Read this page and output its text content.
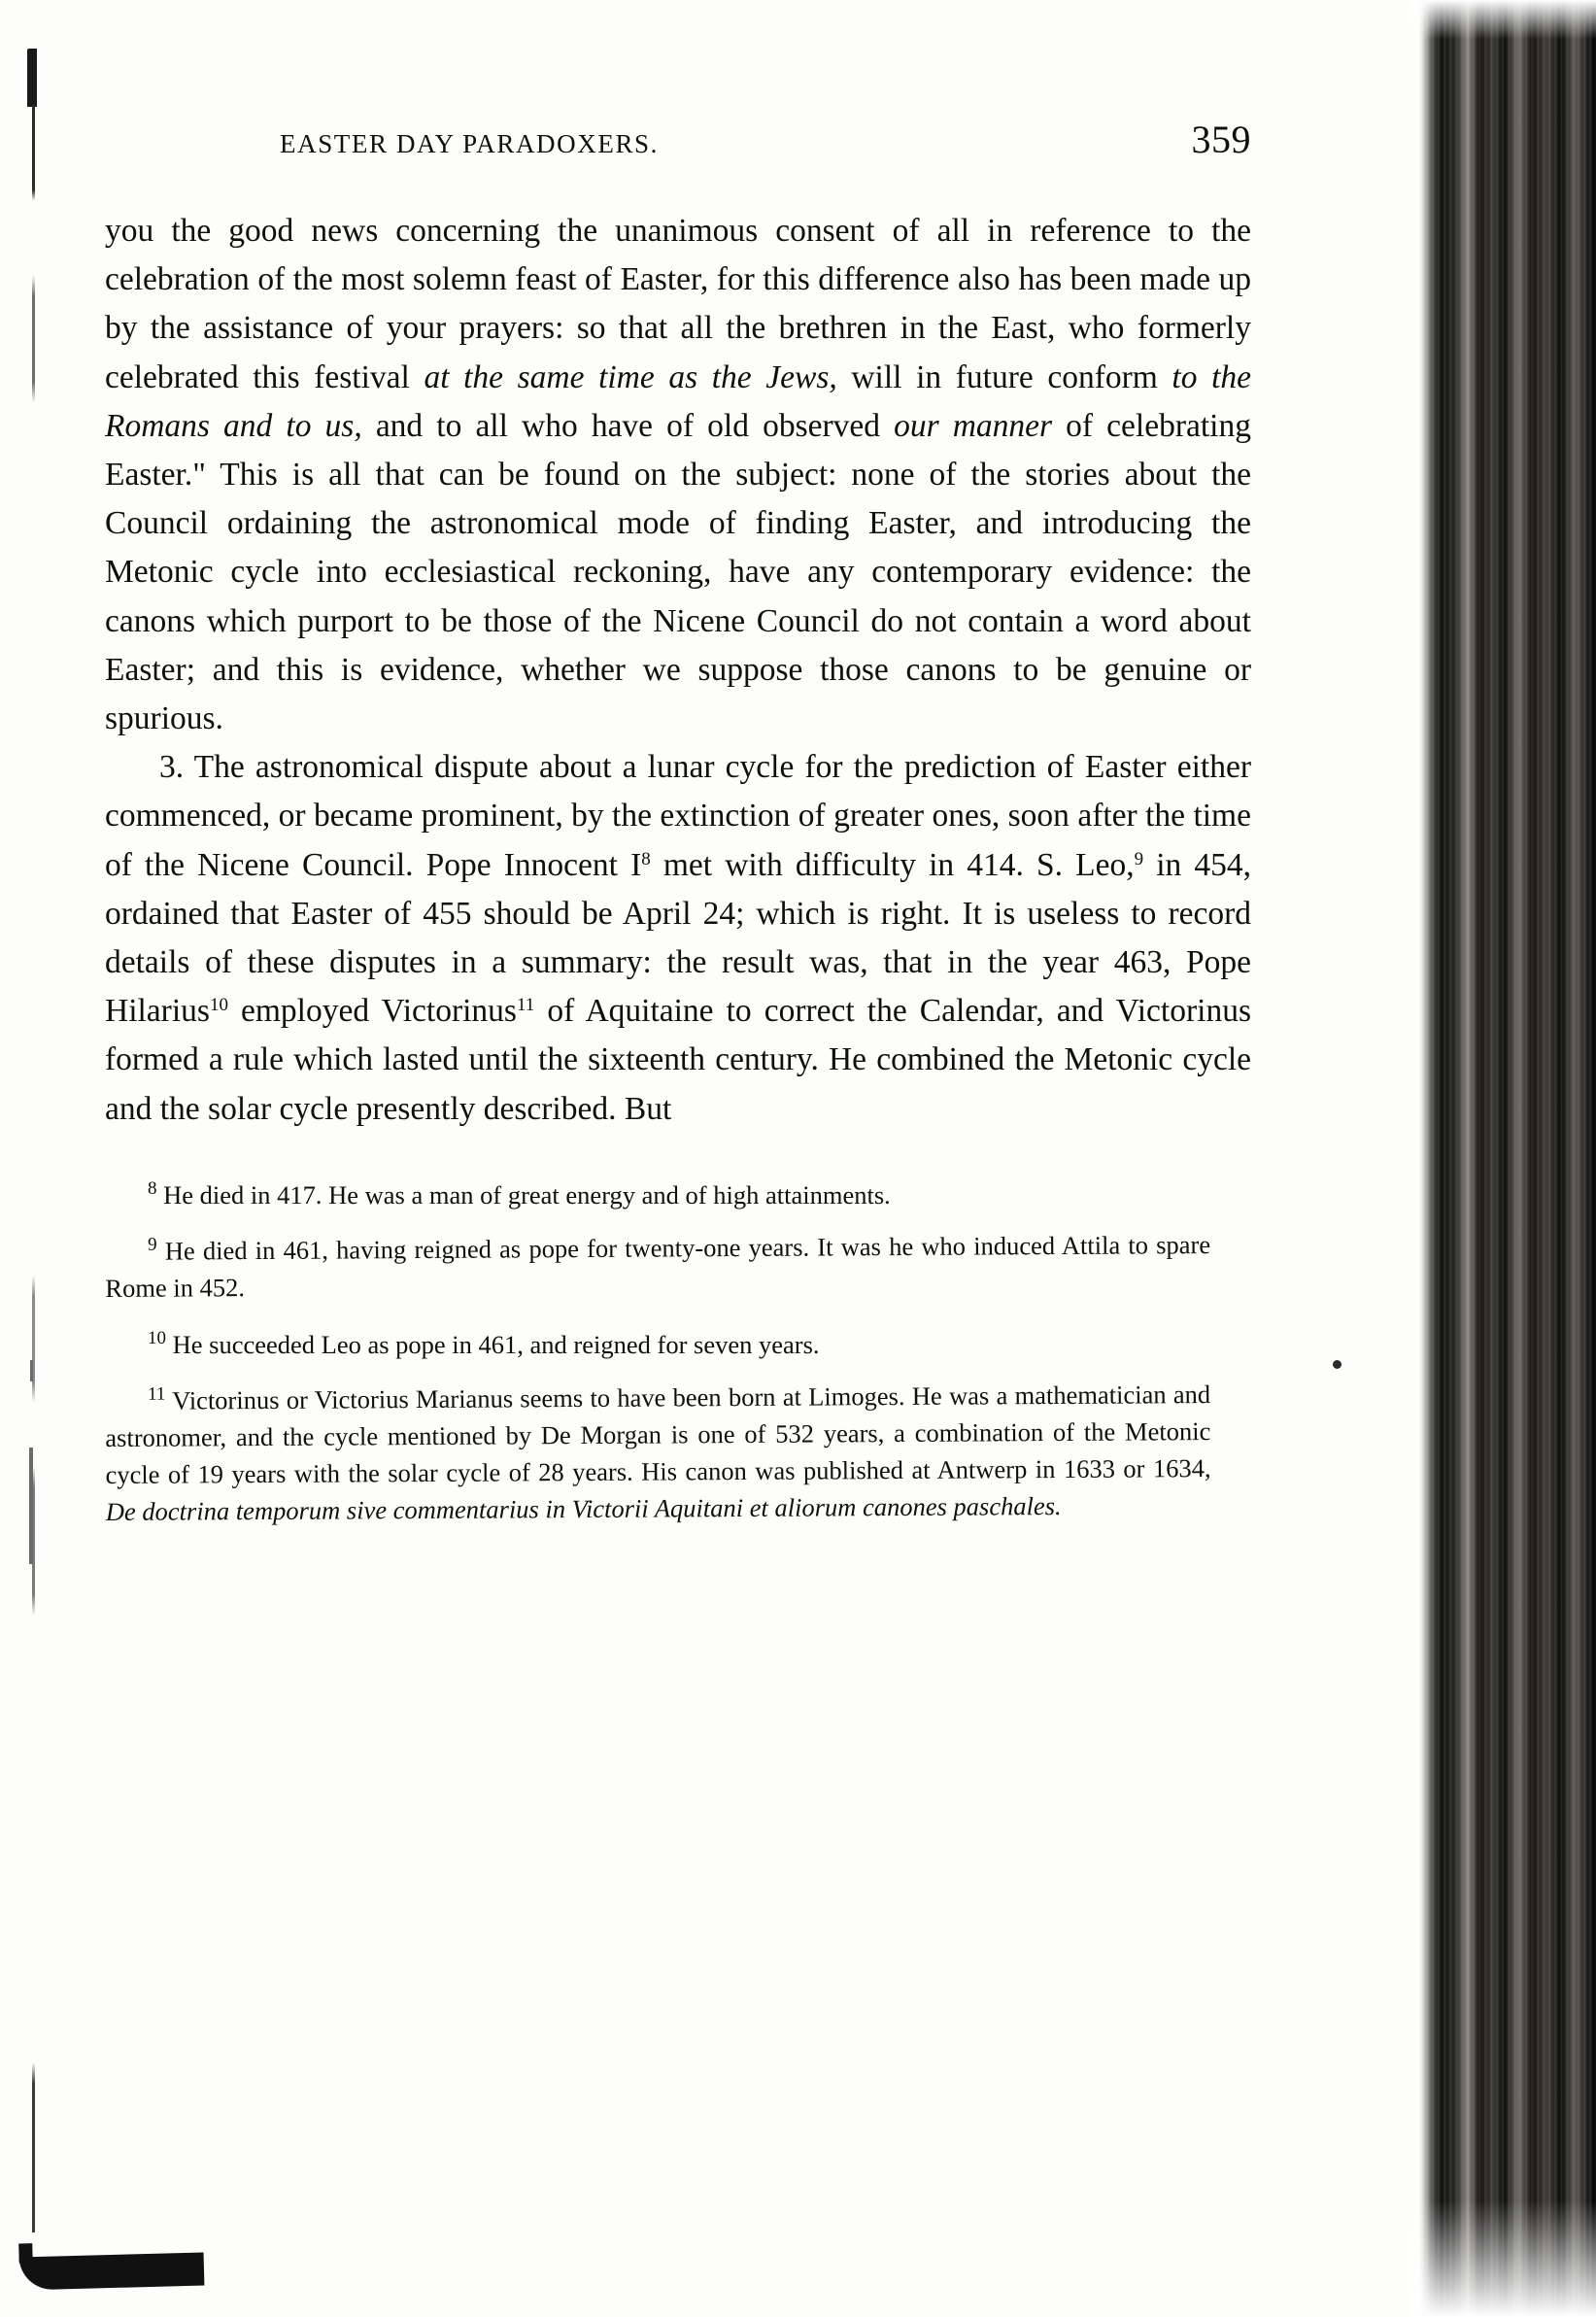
EASTER DAY PARADOXERS.	359

you the good news concerning the unanimous consent of all in reference to the celebration of the most solemn feast of Easter, for this difference also has been made up by the assistance of your prayers: so that all the brethren in the East, who formerly celebrated this festival at the same time as the Jews, will in future conform to the Romans and to us, and to all who have of old observed our manner of celebrating Easter." This is all that can be found on the subject: none of the stories about the Council ordaining the astronomical mode of finding Easter, and introducing the Metonic cycle into ecclesiastical reckoning, have any contemporary evidence: the canons which purport to be those of the Nicene Council do not contain a word about Easter; and this is evidence, whether we suppose those canons to be genuine or spurious.

3. The astronomical dispute about a lunar cycle for the prediction of Easter either commenced, or became prominent, by the extinction of greater ones, soon after the time of the Nicene Council. Pope Innocent I$^8$ met with difficulty in 414. S. Leo,$^9$ in 454, ordained that Easter of 455 should be April 24; which is right. It is useless to record details of these disputes in a summary: the result was, that in the year 463, Pope Hilarius$^{10}$ employed Victorinus$^{11}$ of Aquitaine to correct the Calendar, and Victorinus formed a rule which lasted until the sixteenth century. He combined the Metonic cycle and the solar cycle presently described. But

$^8$ He died in 417. He was a man of great energy and of high attainments.

$^9$ He died in 461, having reigned as pope for twenty-one years. It was he who induced Attila to spare Rome in 452.

$^{10}$ He succeeded Leo as pope in 461, and reigned for seven years.

$^{11}$ Victorinus or Victorius Marianus seems to have been born at Limoges. He was a mathematician and astronomer, and the cycle mentioned by De Morgan is one of 532 years, a combination of the Metonic cycle of 19 years with the solar cycle of 28 years. His canon was published at Antwerp in 1633 or 1634, De doctrina temporum sive commentarius in Victorii Aquitani et aliorum canones paschales.
